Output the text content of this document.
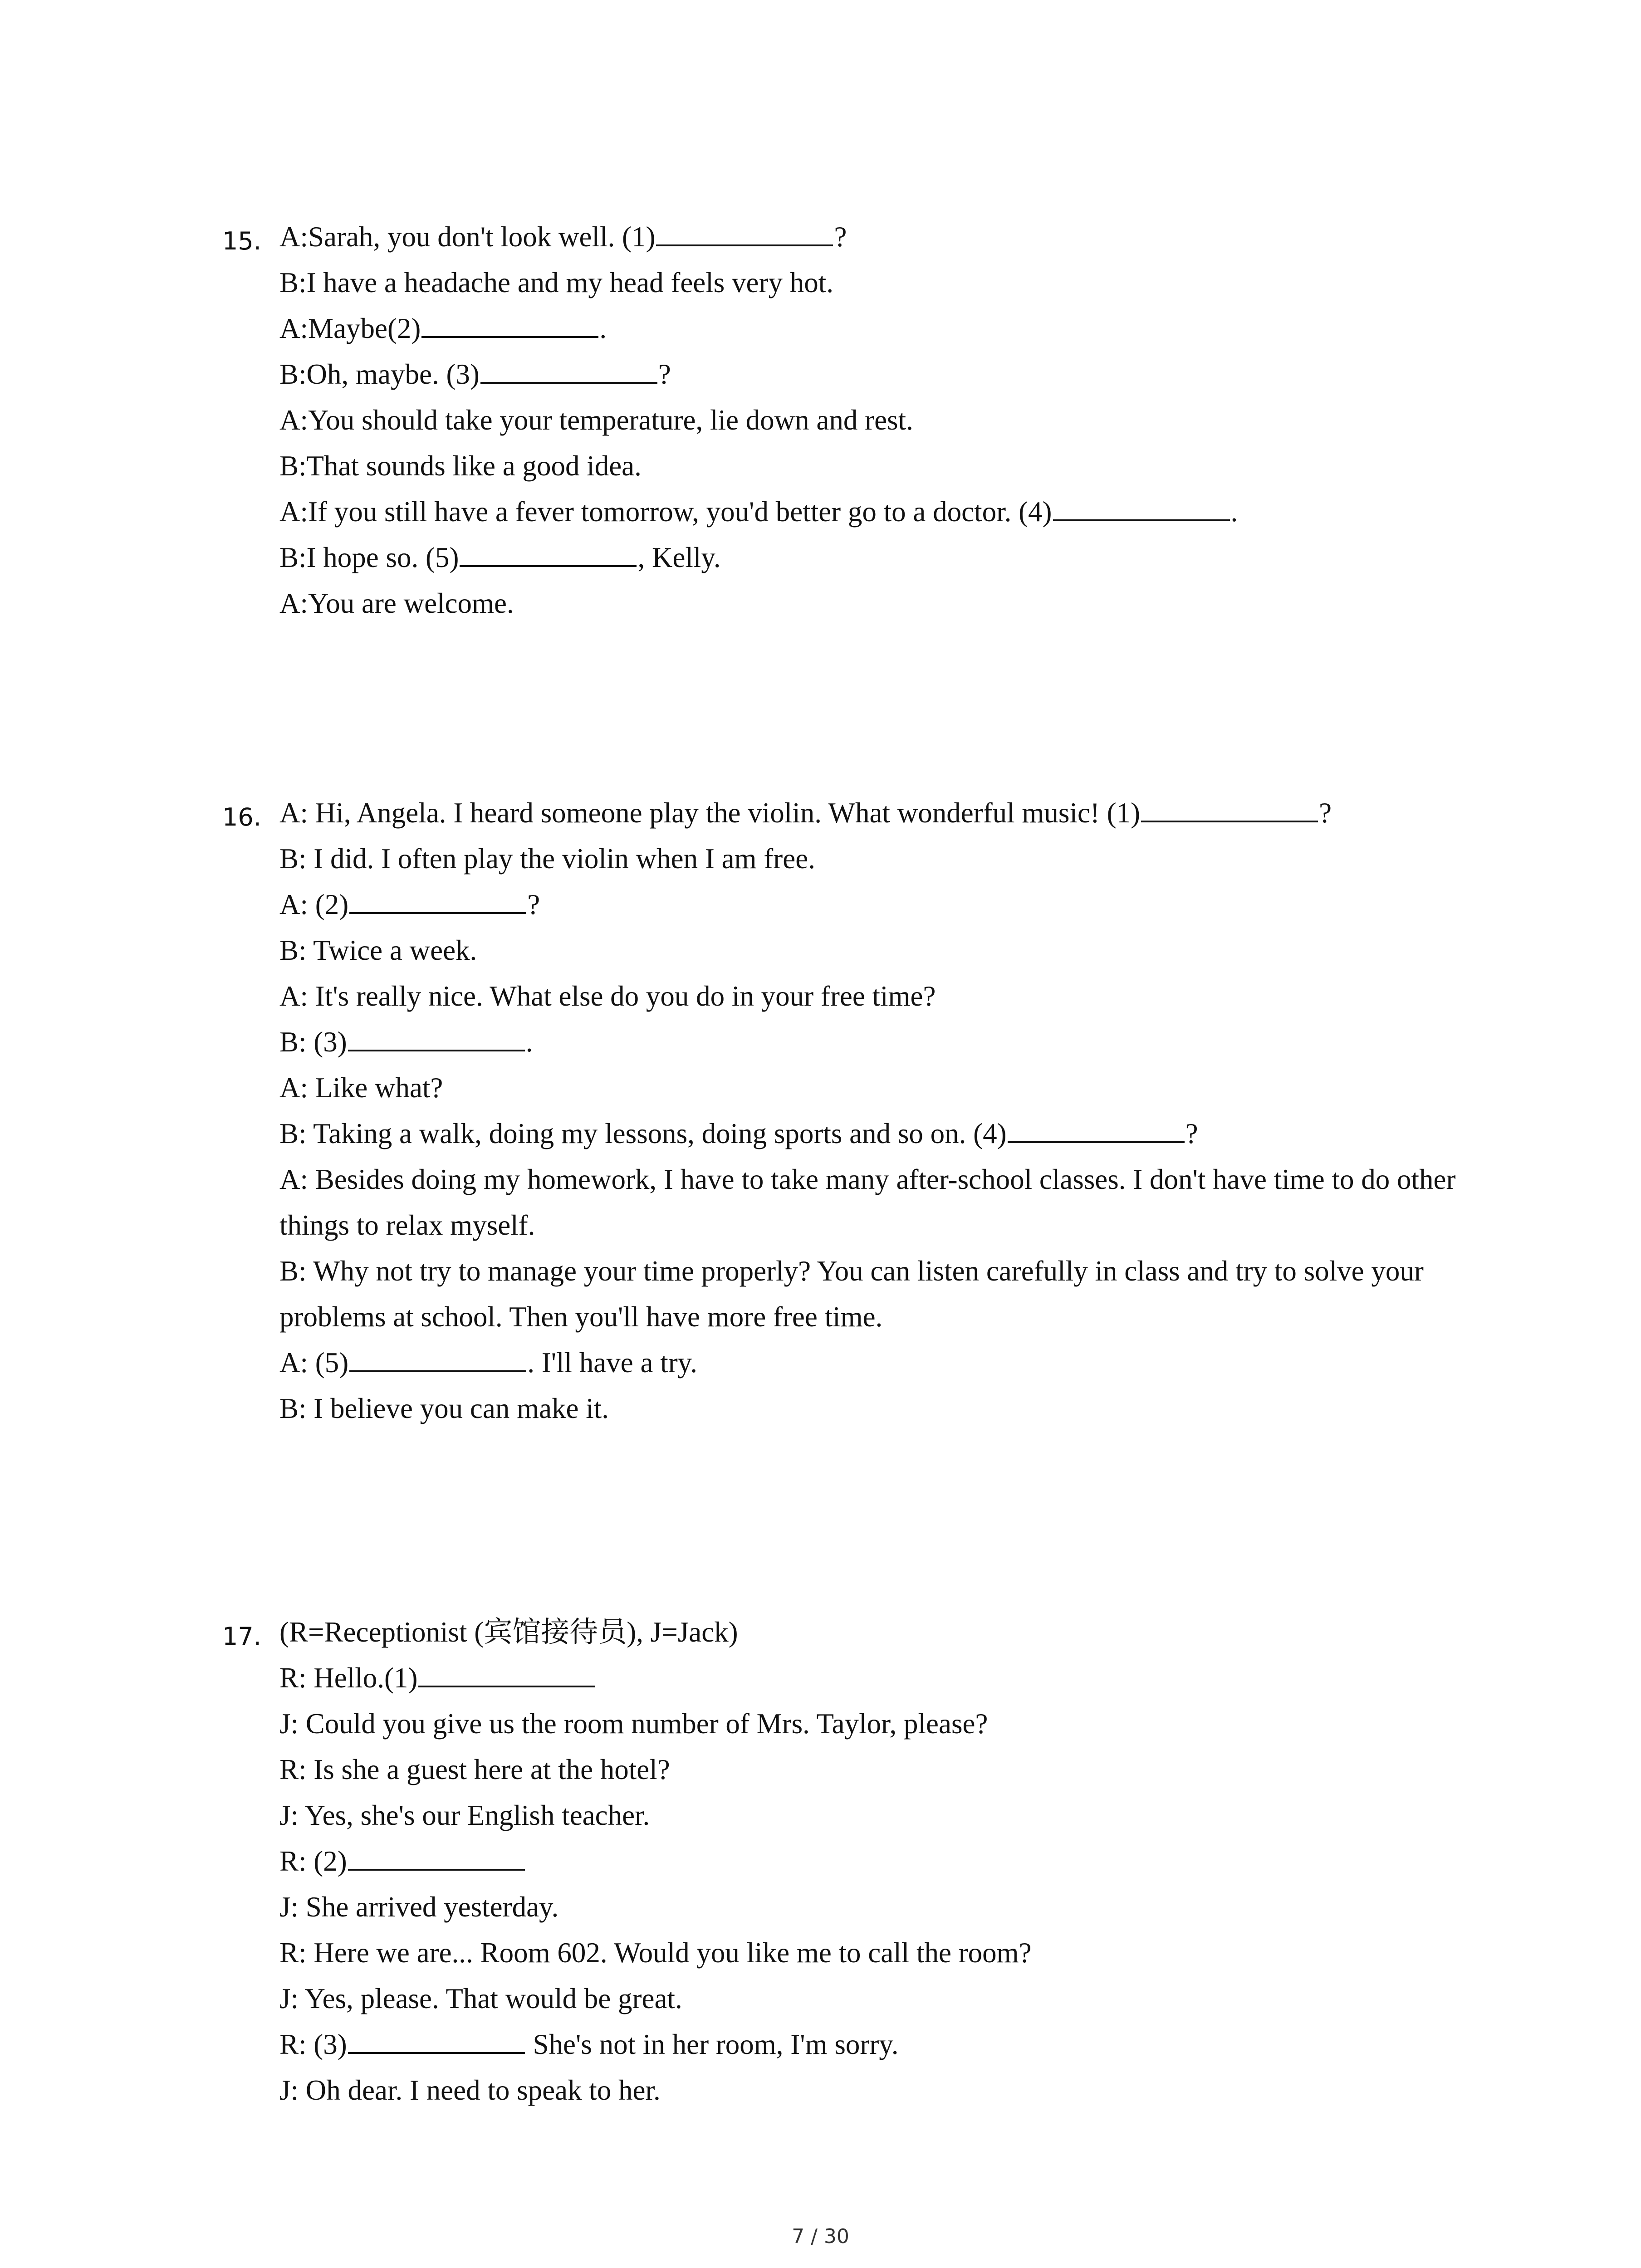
15. A:Sarah, you don't look well. (1)	?
B:I have a headache and my head feels very hot.
A:Maybe(2)	.
B:Oh, maybe. (3)	?
A:You should take your temperature, lie down and rest.
B:That sounds like a good idea.
A:If you still have a fever tomorrow, you'd better go to a doctor. (4)	.
B:I hope so. (5)	, Kelly.
A:You are welcome.
16. A: Hi, Angela. I heard someone play the violin. What wonderful music! (1)	?
B: I did. I often play the violin when I am free.
A: (2)	?
B: Twice a week.
A: It's really nice. What else do you do in your free time?
B: (3)	.
A: Like what?
B: Taking a walk, doing my lessons, doing sports and so on. (4)	?
A: Besides doing my homework, I have to take many after-school classes. I don't have time to do other things to relax myself.
B: Why not try to manage your time properly? You can listen carefully in class and try to solve your problems at school. Then you'll have more free time.
A: (5)	. I'll have a try.
B: I believe you can make it.
17. (R=Receptionist (宾馆接待员), J=Jack)
R: Hello.(1)
J: Could you give us the room number of Mrs. Taylor, please?
R: Is she a guest here at the hotel?
J: Yes, she's our English teacher.
R: (2)
J: She arrived yesterday.
R: Here we are... Room 602. Would you like me to call the room?
J: Yes, please. That would be great.
R: (3)	She's not in her room, I'm sorry.
J: Oh dear. I need to speak to her.
7 / 30
